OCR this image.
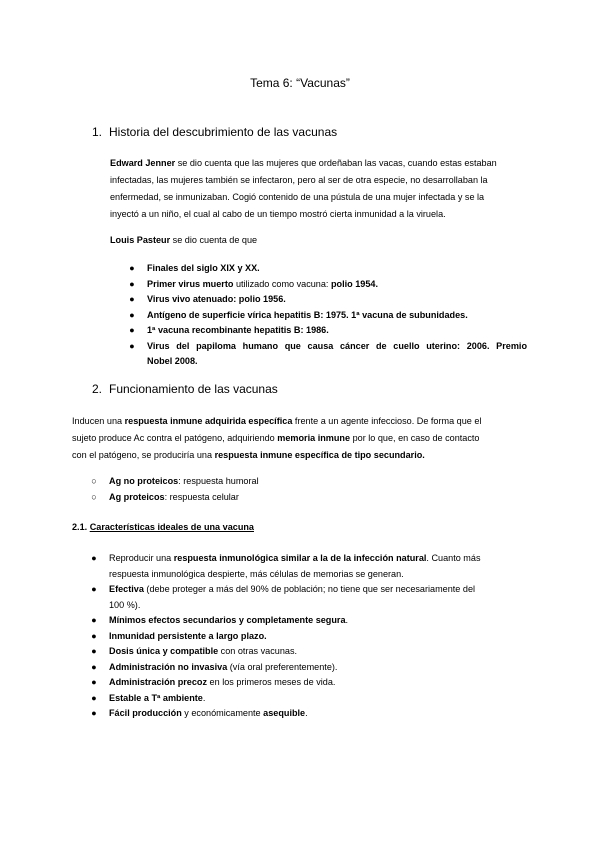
Tema 6: “Vacunas”
1. Historia del descubrimiento de las vacunas
Edward Jenner se dio cuenta que las mujeres que ordeñaban las vacas, cuando estas estaban
infectadas, las mujeres también se infectaron, pero al ser de otra especie, no desarrollaban la
enfermedad, se inmunizaban. Cogió contenido de una pústula de una mujer infectada y se la
inyectó a un niño, el cual al cabo de un tiempo mostró cierta inmunidad a la viruela.
Louis Pasteur se dio cuenta de que
● Finales del siglo XIX y XX.
● Primer virus muerto utilizado como vacuna: polio 1954.
● Virus vivo atenuado: polio 1956.
● Antígeno de superficie vírica hepatitis B: 1975. 1ª vacuna de subunidades.
● 1ª vacuna recombinante hepatitis B: 1986.
● Virus del papiloma humano que causa cáncer de cuello uterino: 2006. Premio
Nobel 2008.
2. Funcionamiento de las vacunas
Inducen una respuesta inmune adquirida específica frente a un agente infeccioso. De forma que el
sujeto produce Ac contra el patógeno, adquiriendo memoria inmune por lo que, en caso de contacto
con el patógeno, se produciría una respuesta inmune específica de tipo secundario.
○ Ag no proteicos: respuesta humoral
○ Ag proteicos: respuesta celular
2.1. Características ideales de una vacuna
● Reproducir una respuesta inmunológica similar a la de la infección natural. Cuanto más
respuesta inmunológica despierte, más células de memorias se generan.
● Efectiva (debe proteger a más del 90% de población; no tiene que ser necesariamente del
100 %).
● Mínimos efectos secundarios y completamente segura.
● Inmunidad persistente a largo plazo.
● Dosis única y compatible con otras vacunas.
● Administración no invasiva (vía oral preferentemente).
● Administración precoz en los primeros meses de vida.
● Estable a Tª ambiente.
● Fácil producción y económicamente asequible.
